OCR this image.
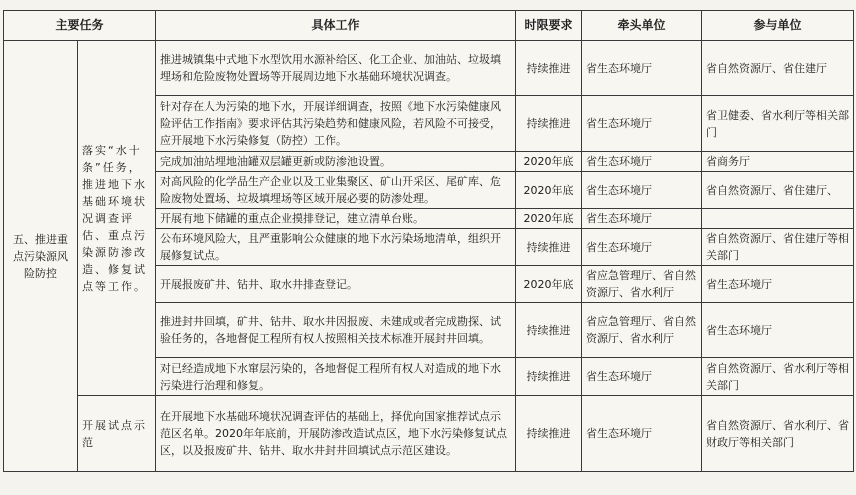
主要任务		具体工作	时限要求	牵头单位	参与单位
五、推进重点污染源风险防控	落实“水十条”任务，推进地下水基础环境状况调查评估、重点污染源防渗改造、修复试点等工作。	推进城镇集中式地下水型饮用水源补给区、化工企业、加油站、垃圾填埋场和危险废物处置场等开展周边地下水基础环境状况调查。	持续推进	省生态环境厅	省自然资源厅、省住建厅
		针对存在人为污染的地下水，开展详细调查，按照《地下水污染健康风险评估工作指南》要求评估其污染趋势和健康风险，若风险不可接受，应开展地下水污染修复（防控）工作。	持续推进	省生态环境厅	省卫健委、省水利厅等相关部门
		完成加油站埋地油罐双层罐更新或防渗池设置。	2020年底	省生态环境厅	省商务厅
		对高风险的化学品生产企业以及工业集聚区、矿山开采区、尾矿库、危险废物处置场、垃圾填埋场等区域开展必要的防渗处理。	2020年底	省生态环境厅	省自然资源厅、省住建厅、
		开展有地下储罐的重点企业摸排登记，建立清单台账。	2020年底	省生态环境厅	
		公布环境风险大，且严重影响公众健康的地下水污染场地清单，组织开展修复试点。	持续推进	省生态环境厅	省自然资源厅、省住建厅等相关部门
		开展报废矿井、钻井、取水井排查登记。	2020年底	省应急管理厅、省自然资源厅、省水利厅	省生态环境厅
		推进封井回填，矿井、钻井、取水井因报废、未建成或者完成勘探、试验任务的，各地督促工程所有权人按照相关技术标准开展封井回填。	持续推进	省应急管理厅、省自然资源厅、省水利厅	省生态环境厅
		对已经造成地下水窜层污染的，各地督促工程所有权人对造成的地下水污染进行治理和修复。	持续推进	省生态环境厅	省自然资源厅、省水利厅等相关部门
	开展试点示范	在开展地下水基础环境状况调查评估的基础上，择优向国家推荐试点示范区名单。2020年年底前，开展防渗改造试点区，地下水污染修复试点区，以及报废矿井、钻井、取水井封井回填试点示范区建设。	持续推进	省生态环境厅	省自然资源厅、省水利厅、省财政厅等相关部门
